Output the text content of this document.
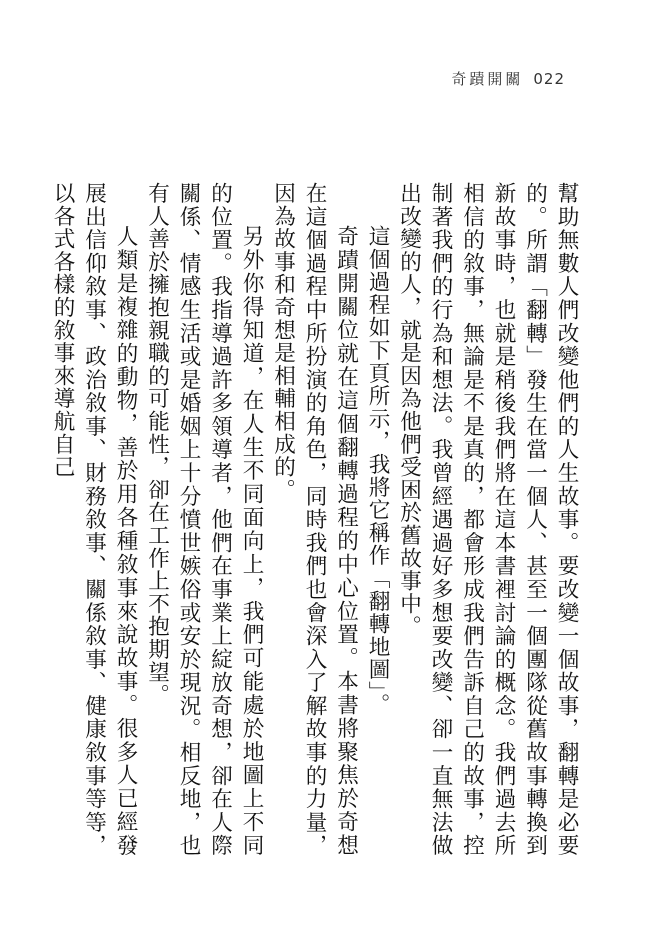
奇蹟開關 022

幫助無數人們改變他們的人生故事。要改變一個故事，翻轉是必要的。所謂「翻轉」發生在當一個人、甚至一個團隊從舊故事轉換到新故事時，也就是稍後我們將在這本書裡討論的概念。我們過去所相信的敘事，無論是不是真的，都會形成我們告訴自己的故事，控制著我們的行為和想法。我曾經遇過好多想要改變、卻一直無法做出改變的人，就是因為他們受困於舊故事中。

這個過程如下頁所示，我將它稱作「翻轉地圖」。

奇蹟開關位就在這個翻轉過程的中心位置。本書將聚焦於奇想在這個過程中所扮演的角色，同時我們也會深入了解故事的力量，因為故事和奇想是相輔相成的。

另外你得知道，在人生不同面向上，我們可能處於地圖上不同的位置。我指導過許多領導者，他們在事業上綻放奇想，卻在人際關係、情感生活或是婚姻上十分憤世嫉俗或安於現況。相反地，也有人善於擁抱親職的可能性，卻在工作上不抱期望。

人類是複雜的動物，善於用各種敘事來說故事。很多人已經發展出信仰敘事、政治敘事、財務敘事、關係敘事、健康敘事等等，以各式各樣的敘事來導航自己
